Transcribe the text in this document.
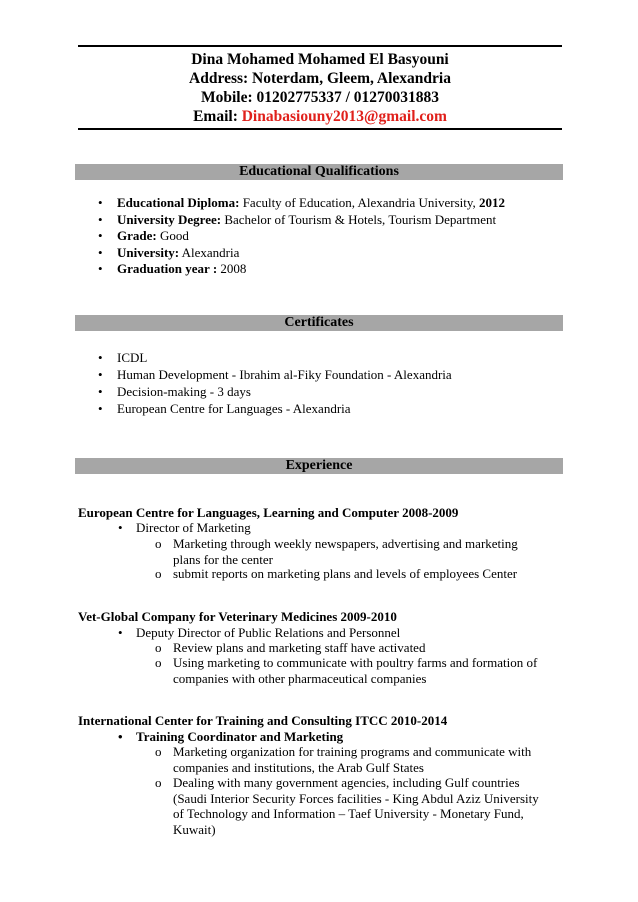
Dina Mohamed Mohamed El Basyouni
Address: Noterdam, Gleem, Alexandria
Mobile: 01202775337 / 01270031883
Email: Dinabasiouny2013@gmail.com
Educational Qualifications
• Educational Diploma: Faculty of Education, Alexandria University, 2012
• University Degree: Bachelor of Tourism & Hotels, Tourism Department
• Grade: Good
• University: Alexandria
• Graduation year : 2008
Certificates
• ICDL
• Human Development - Ibrahim al-Fiky Foundation - Alexandria
• Decision-making - 3 days
• European Centre for Languages - Alexandria
Experience
European Centre for Languages, Learning and Computer 2008-2009
• Director of Marketing
o Marketing through weekly newspapers, advertising and marketing plans for the center
o submit reports on marketing plans and levels of employees Center
Vet-Global Company for Veterinary Medicines 2009-2010
• Deputy Director of Public Relations and Personnel
o Review plans and marketing staff have activated
o Using marketing to communicate with poultry farms and formation of companies with other pharmaceutical companies
International Center for Training and Consulting ITCC 2010-2014
• Training Coordinator and Marketing
o Marketing organization for training programs and communicate with companies and institutions, the Arab Gulf States
o Dealing with many government agencies, including Gulf countries (Saudi Interior Security Forces facilities - King Abdul Aziz University of Technology and Information – Taef University - Monetary Fund, Kuwait)
